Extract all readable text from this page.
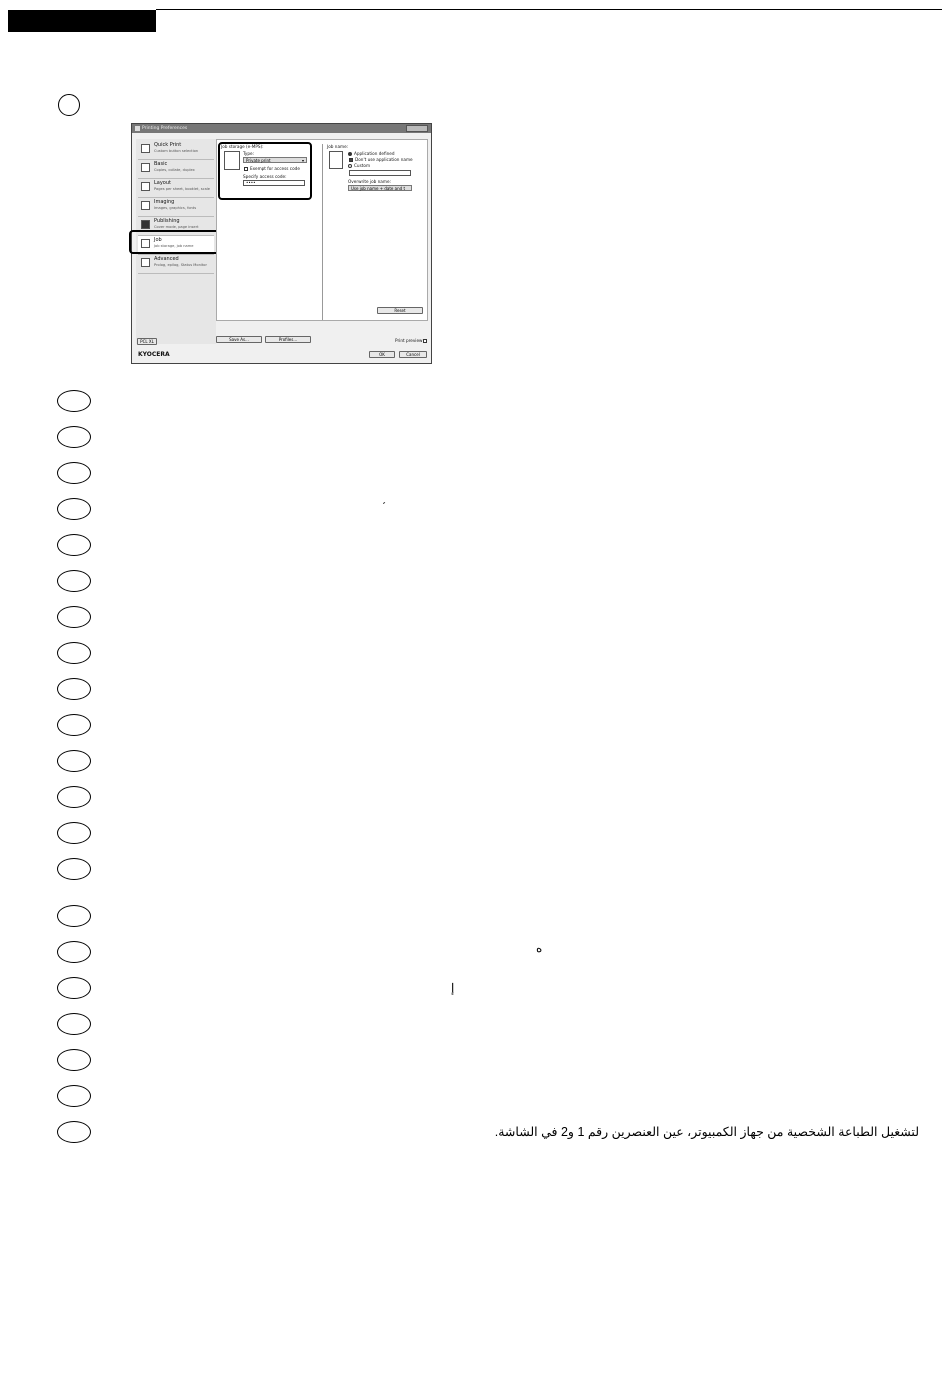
Printing Preferences
Quick Print
Custom button selection
Basic
Copies, collate, duplex
Layout
Pages per sheet, booklet, scale
Imaging
Images, graphics, fonts
Publishing
Cover mode, page insert
Job
Job storage, job name
Advanced
Prolog, epilog, Status Monitor
Job storage (e-MPS):
Type:
Private print	▾
Exempt for access code
Specify access code:
••••
Job name:
Application defined
Don't use application name
Custom
Overwrite job name:
Use job name + date and t
Reset
PCL XL	Save As...	Profiles...	Print preview
KYOCERA	OK	Cancel
ˊ
ﻩ
ﺇ
لتشغيل الطباعة الشخصية من جهاز الكمبيوتر، عين العنصرين رقم 1 و2 في الشاشة.
